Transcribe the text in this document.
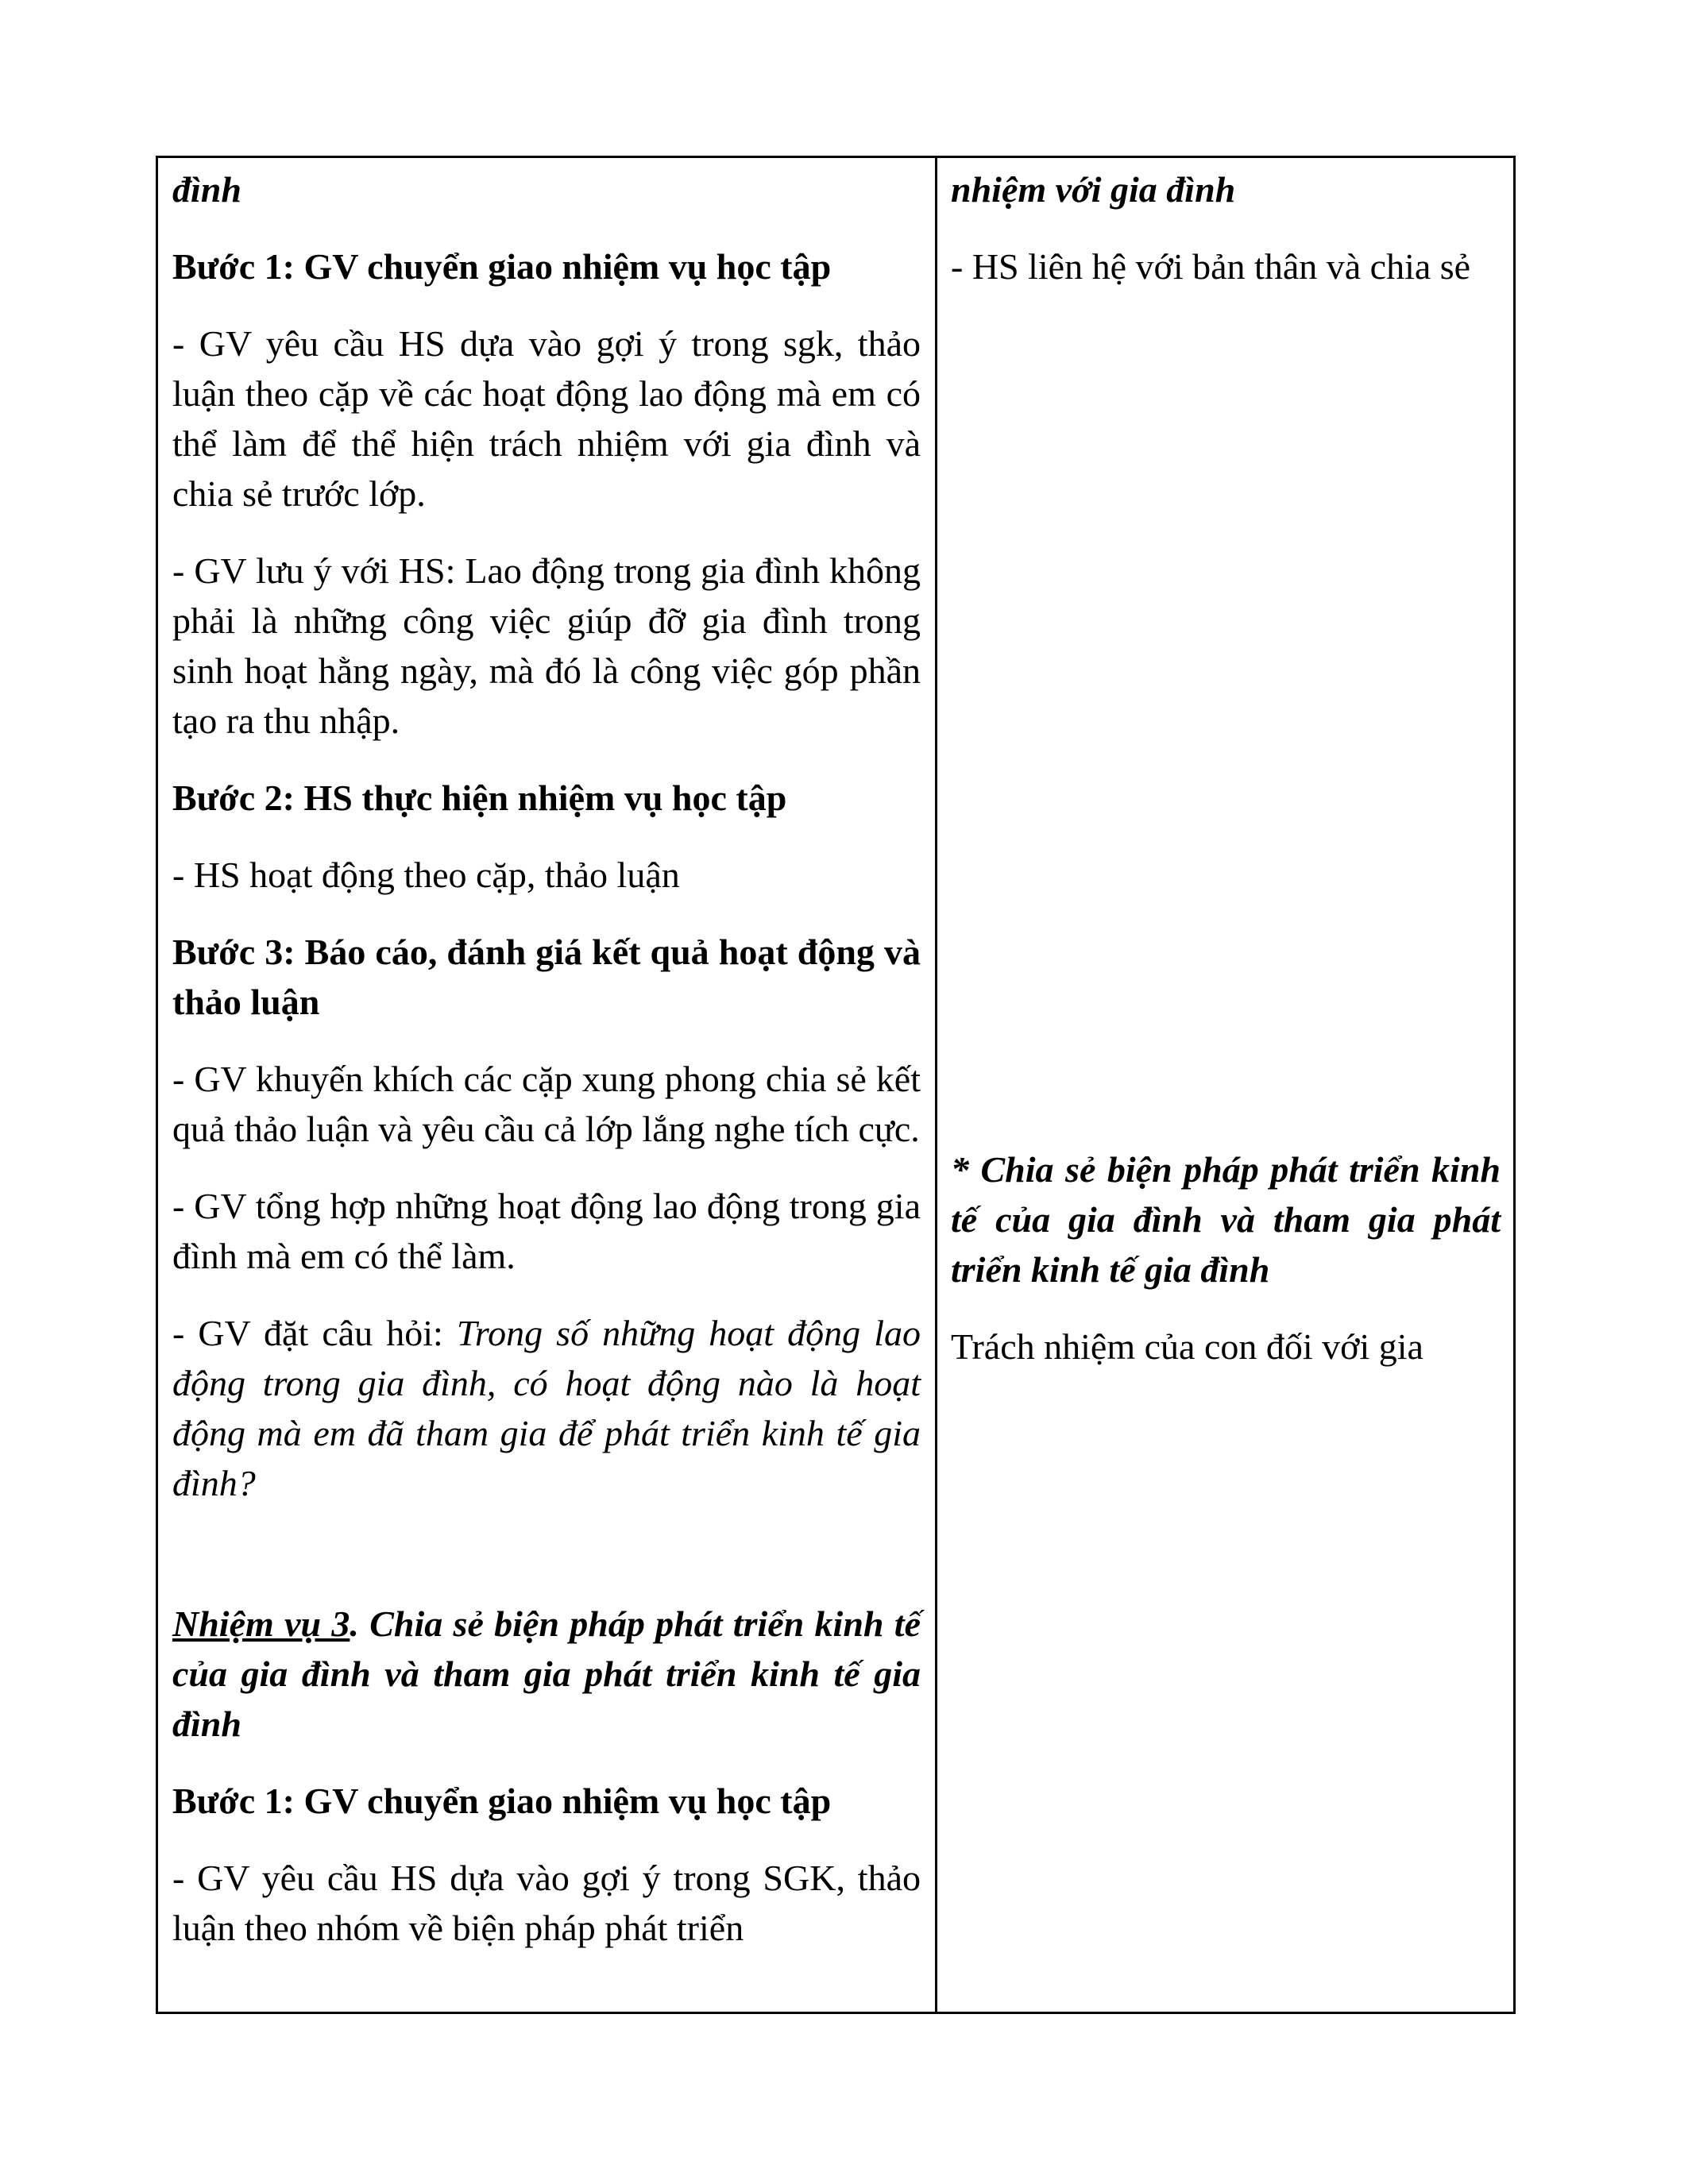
đình

Bước 1: GV chuyển giao nhiệm vụ học tập

- GV yêu cầu HS dựa vào gợi ý trong sgk, thảo luận theo cặp về các hoạt động lao động mà em có thể làm để thể hiện trách nhiệm với gia đình và chia sẻ trước lớp.

- GV lưu ý với HS: Lao động trong gia đình không phải là những công việc giúp đỡ gia đình trong sinh hoạt hằng ngày, mà đó là công việc góp phần tạo ra thu nhập.

Bước 2: HS thực hiện nhiệm vụ học tập

- HS hoạt động theo cặp, thảo luận

Bước 3: Báo cáo, đánh giá kết quả hoạt động và thảo luận

- GV khuyến khích các cặp xung phong chia sẻ kết quả thảo luận và yêu cầu cả lớp lắng nghe tích cực.

- GV tổng hợp những hoạt động lao động trong gia đình mà em có thể làm.

- GV đặt câu hỏi: Trong số những hoạt động lao động trong gia đình, có hoạt động nào là hoạt động mà em đã tham gia để phát triển kinh tế gia đình?

Nhiệm vụ 3. Chia sẻ biện pháp phát triển kinh tế của gia đình và tham gia phát triển kinh tế gia đình

Bước 1: GV chuyển giao nhiệm vụ học tập

- GV yêu cầu HS dựa vào gợi ý trong SGK, thảo luận theo nhóm về biện pháp phát triển

nhiệm với gia đình

- HS liên hệ với bản thân và chia sẻ

* Chia sẻ biện pháp phát triển kinh tế của gia đình và tham gia phát triển kinh tế gia đình

Trách nhiệm của con đối với gia
